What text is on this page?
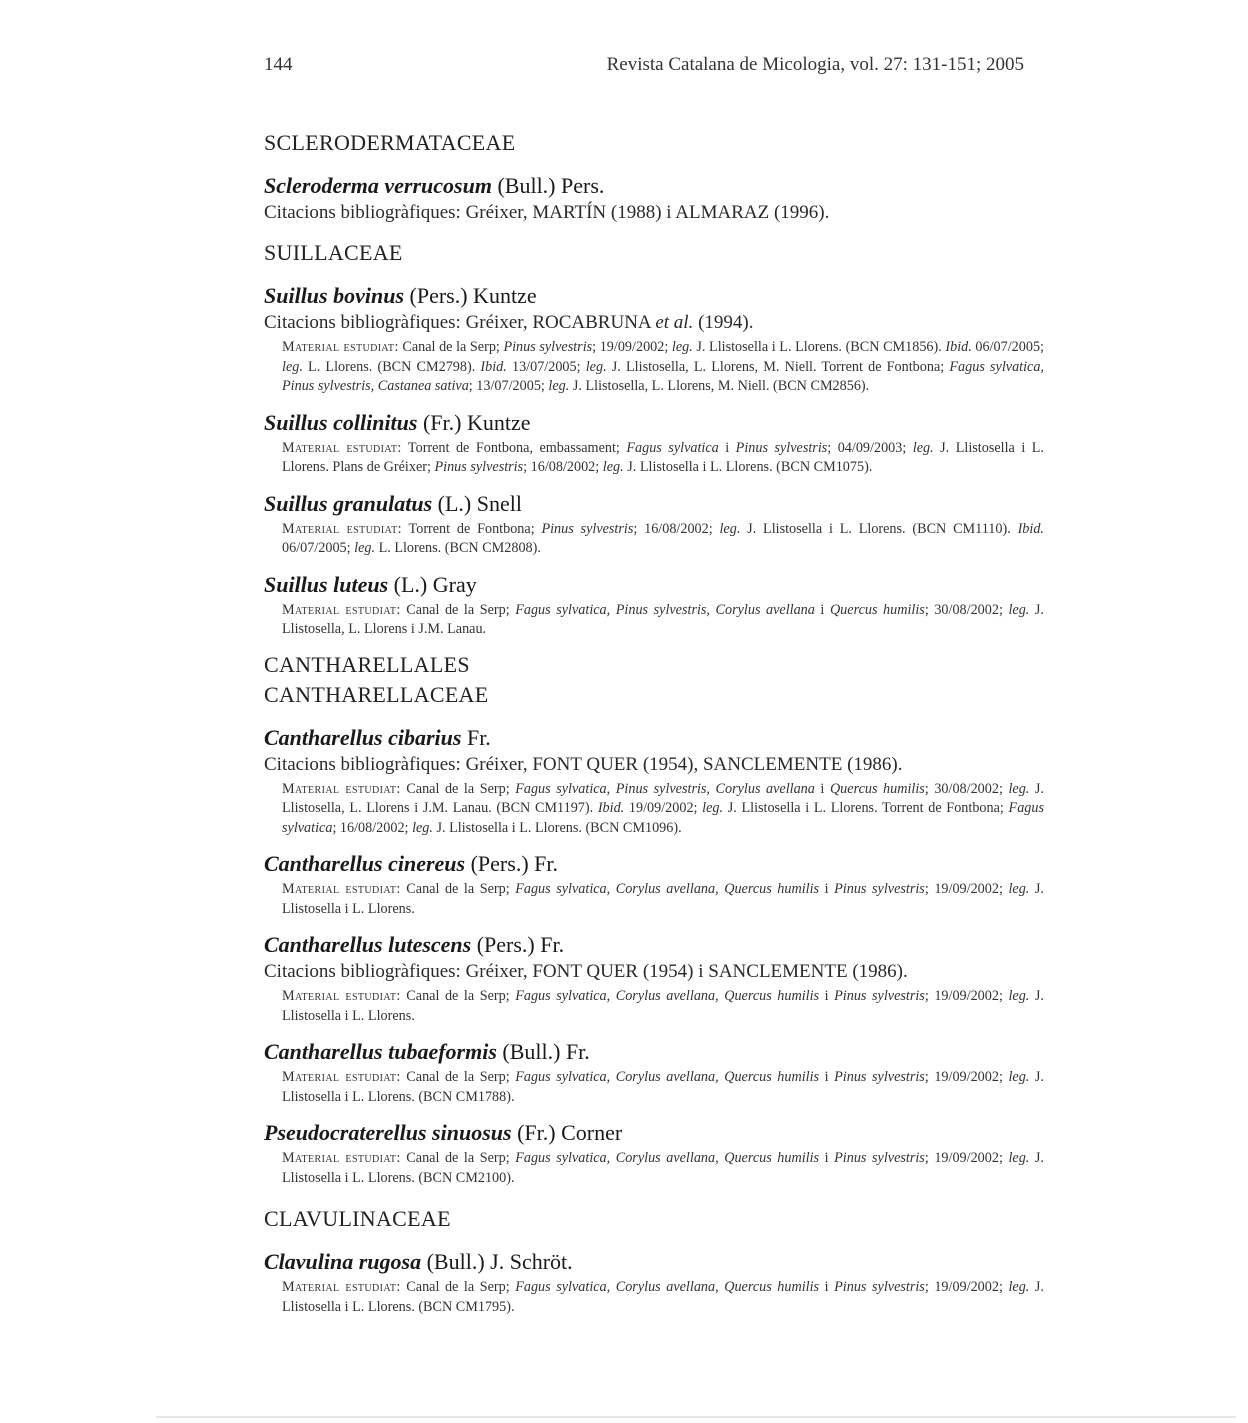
144	Revista Catalana de Micologia, vol. 27: 131-151; 2005

SCLERODERMATACEAE

Scleroderma verrucosum (Bull.) Pers.

Citacions bibliogràfiques: Gréixer, MARTÍN (1988) i ALMARAZ (1996).

SUILLACEAE

Suillus bovinus (Pers.) Kuntze

Citacions bibliogràfiques: Gréixer, ROCABRUNA et al. (1994).

Material estudiat: Canal de la Serp; Pinus sylvestris; 19/09/2002; leg. J. Llistosella i L. Llorens. (BCN CM1856). Ibid. 06/07/2005; leg. L. Llorens. (BCN CM2798). Ibid. 13/07/2005; leg. J. Llistosella, L. Llorens, M. Niell. Torrent de Fontbona; Fagus sylvatica, Pinus sylvestris, Castanea sativa; 13/07/2005; leg. J. Llistosella, L. Llorens, M. Niell. (BCN CM2856).

Suillus collinitus (Fr.) Kuntze

Material estudiat: Torrent de Fontbona, embassament; Fagus sylvatica i Pinus sylvestris; 04/09/2003; leg. J. Llistosella i L. Llorens. Plans de Gréixer; Pinus sylvestris; 16/08/2002; leg. J. Llistosella i L. Llorens. (BCN CM1075).

Suillus granulatus (L.) Snell

Material estudiat: Torrent de Fontbona; Pinus sylvestris; 16/08/2002; leg. J. Llistosella i L. Llorens. (BCN CM1110). Ibid. 06/07/2005; leg. L. Llorens. (BCN CM2808).

Suillus luteus (L.) Gray

Material estudiat: Canal de la Serp; Fagus sylvatica, Pinus sylvestris, Corylus avellana i Quercus humilis; 30/08/2002; leg. J. Llistosella, L. Llorens i J.M. Lanau.

CANTHARELLALES

CANTHARELLACEAE

Cantharellus cibarius Fr.

Citacions bibliogràfiques: Gréixer, FONT QUER (1954), SANCLEMENTE (1986).

Material estudiat: Canal de la Serp; Fagus sylvatica, Pinus sylvestris, Corylus avellana i Quercus humilis; 30/08/2002; leg. J. Llistosella, L. Llorens i J.M. Lanau. (BCN CM1197). Ibid. 19/09/2002; leg. J. Llistosella i L. Llorens. Torrent de Fontbona; Fagus sylvatica; 16/08/2002; leg. J. Llistosella i L. Llorens. (BCN CM1096).

Cantharellus cinereus (Pers.) Fr.

Material estudiat: Canal de la Serp; Fagus sylvatica, Corylus avellana, Quercus humilis i Pinus sylvestris; 19/09/2002; leg. J. Llistosella i L. Llorens.

Cantharellus lutescens (Pers.) Fr.

Citacions bibliogràfiques: Gréixer, FONT QUER (1954) i SANCLEMENTE (1986).

Material estudiat: Canal de la Serp; Fagus sylvatica, Corylus avellana, Quercus humilis i Pinus sylvestris; 19/09/2002; leg. J. Llistosella i L. Llorens.

Cantharellus tubaeformis (Bull.) Fr.

Material estudiat: Canal de la Serp; Fagus sylvatica, Corylus avellana, Quercus humilis i Pinus sylvestris; 19/09/2002; leg. J. Llistosella i L. Llorens. (BCN CM1788).

Pseudocraterellus sinuosus (Fr.) Corner

Material estudiat: Canal de la Serp; Fagus sylvatica, Corylus avellana, Quercus humilis i Pinus sylvestris; 19/09/2002; leg. J. Llistosella i L. Llorens. (BCN CM2100).

CLAVULINACEAE

Clavulina rugosa (Bull.) J. Schröt.

Material estudiat: Canal de la Serp; Fagus sylvatica, Corylus avellana, Quercus humilis i Pinus sylvestris; 19/09/2002; leg. J. Llistosella i L. Llorens. (BCN CM1795).
